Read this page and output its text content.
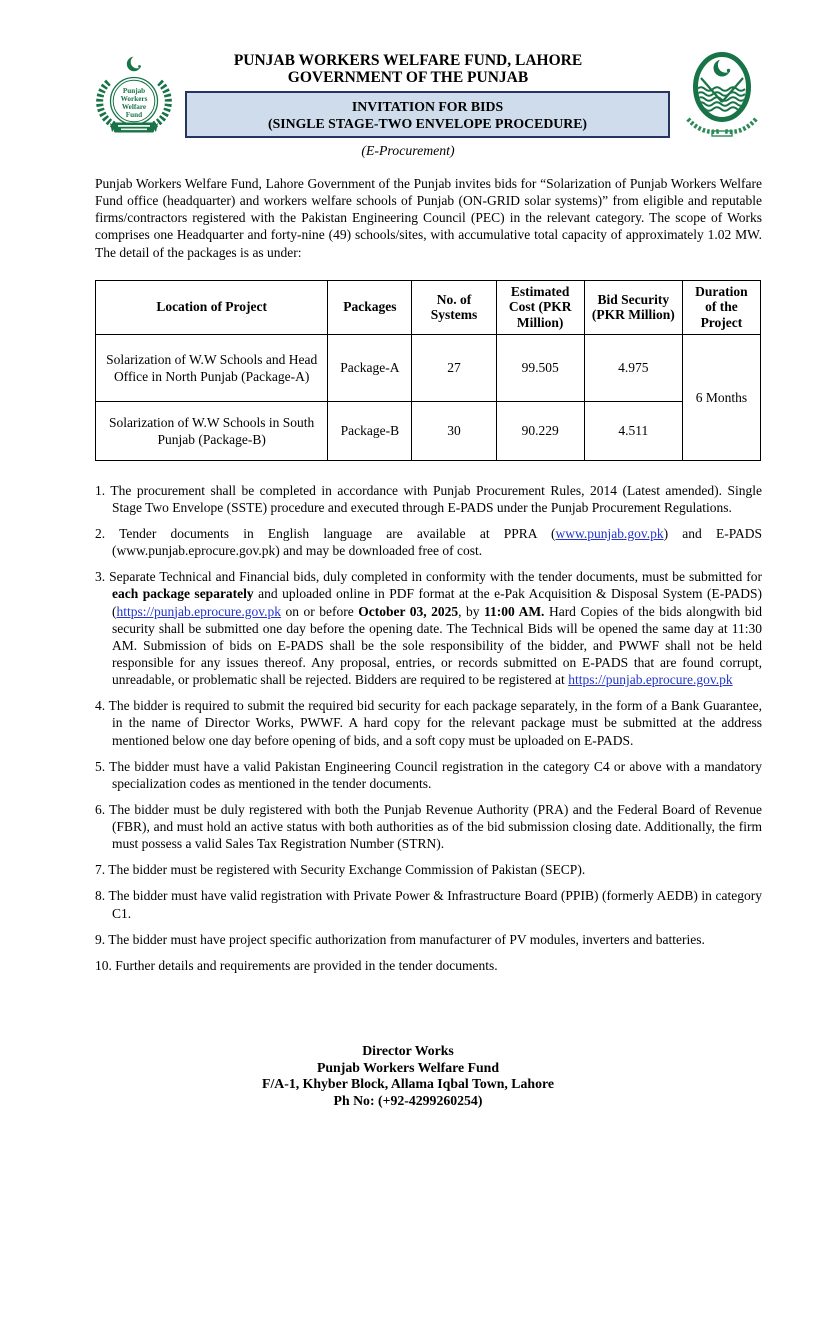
Punjab
Workers
Welfare
Fund
PUNJAB WORKERS WELFARE FUND, LAHORE
GOVERNMENT OF THE PUNJAB
INVITATION FOR BIDS
(SINGLE STAGE-TWO ENVELOPE PROCEDURE)
(E-Procurement)

Punjab Workers Welfare Fund, Lahore Government of the Punjab invites bids for “Solarization of Punjab Workers Welfare Fund office (headquarter) and workers welfare schools of Punjab (ON-GRID solar systems)” from eligible and reputable firms/contractors registered with the Pakistan Engineering Council (PEC) in the relevant category. The scope of Works comprises one Headquarter and forty-nine (49) schools/sites, with accumulative total capacity of approximately 1.02 MW. The detail of the packages is as under:

Location of Project	Packages	No. of Systems	Estimated Cost (PKR Million)	Bid Security (PKR Million)	Duration of the Project
Solarization of W.W Schools and Head Office in North Punjab (Package-A)	Package-A	27	99.505	4.975	6 Months
Solarization of W.W Schools in South Punjab (Package-B)	Package-B	30	90.229	4.511	
1. The procurement shall be completed in accordance with Punjab Procurement Rules, 2014 (Latest amended). Single Stage Two Envelope (SSTE) procedure and executed through E-PADS under the Punjab Procurement Regulations.
2. Tender documents in English language are available at PPRA (www.punjab.gov.pk) and E-PADS (www.punjab.eprocure.gov.pk) and may be downloaded free of cost.
3. Separate Technical and Financial bids, duly completed in conformity with the tender documents, must be submitted for each package separately and uploaded online in PDF format at the e-Pak Acquisition & Disposal System (E-PADS) (https://punjab.eprocure.gov.pk on or before October 03, 2025, by 11:00 AM. Hard Copies of the bids alongwith bid security shall be submitted one day before the opening date. The Technical Bids will be opened the same day at 11:30 AM. Submission of bids on E-PADS shall be the sole responsibility of the bidder, and PWWF shall not be held responsible for any issues thereof. Any proposal, entries, or records submitted on E-PADS that are found corrupt, unreadable, or problematic shall be rejected. Bidders are required to be registered at https://punjab.eprocure.gov.pk
4. The bidder is required to submit the required bid security for each package separately, in the form of a Bank Guarantee, in the name of Director Works, PWWF. A hard copy for the relevant package must be submitted at the address mentioned below one day before opening of bids, and a soft copy must be uploaded on E-PADS.
5. The bidder must have a valid Pakistan Engineering Council registration in the category C4 or above with a mandatory specialization codes as mentioned in the tender documents.
6. The bidder must be duly registered with both the Punjab Revenue Authority (PRA) and the Federal Board of Revenue (FBR), and must hold an active status with both authorities as of the bid submission closing date. Additionally, the firm must possess a valid Sales Tax Registration Number (STRN).
7. The bidder must be registered with Security Exchange Commission of Pakistan (SECP).
8. The bidder must have valid registration with Private Power & Infrastructure Board (PPIB) (formerly AEDB) in category C1.
9. The bidder must have project specific authorization from manufacturer of PV modules, inverters and batteries.
10. Further details and requirements are provided in the tender documents.
Director Works
Punjab Workers Welfare Fund
F/A-1, Khyber Block, Allama Iqbal Town, Lahore
Ph No: (+92-4299260254)
